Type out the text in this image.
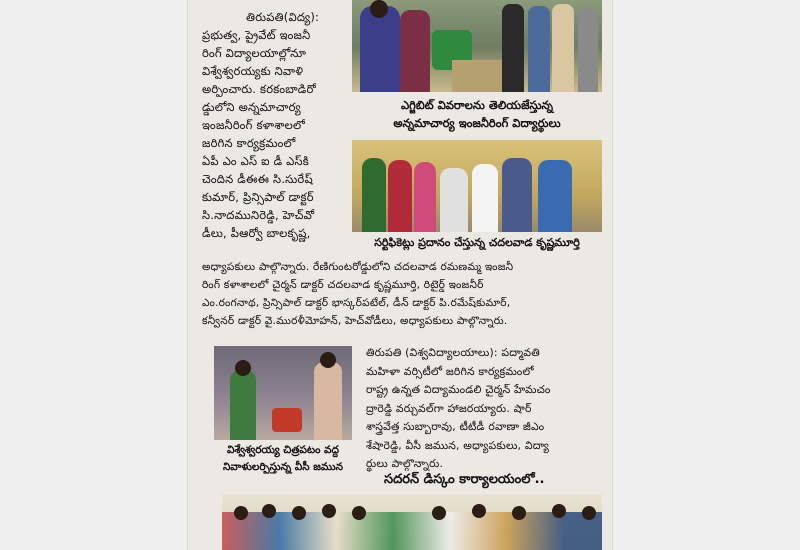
తిరుపతి(విద్య):
ప్రభుత్వ, ప్రైవేట్ ఇంజనీ
రింగ్ విద్యాలయాల్లోనూ
విశ్వేశ్వరయ్యకు నివాళి
అర్పించారు. కరకంబాడిరో
డ్డులోని అన్నమాచార్య
ఇంజనీరింగ్ కళాశాలలో
జరిగిన కార్యక్రమంలో
ఏపీ ఎం ఎస్ ఐ డీ ఎస్‌కి
చెందిన డీఈఈ సి.సురేష్
కుమార్, ప్రిన్సిపాల్ డాక్టర్
సి.నాదమునిరెడ్డి, హెచ్‌వో
డీలు, పీఆర్వో బాలకృష్ణ,
ఎగ్జిబిట్ వివరాలను తెలియజేస్తున్న
అన్నమాచార్య ఇంజనీరింగ్ విద్యార్థులు
సర్టిఫికెట్లు ప్రదానం చేస్తున్న చదలవాడ కృష్ణమూర్తి
అధ్యాపకులు పాల్గొన్నారు. రేణిగుంటరోడ్డులోని చదలవాడ రమణమ్మ ఇంజనీ
రింగ్ కళాశాలలో చైర్మన్ డాక్టర్ చదలవాడ కృష్ణమూర్తి, రిటైర్డ్ ఇంజనీర్
ఎం.రంగనాథ, ప్రిన్సిపాల్ డాక్టర్ భాస్కర్‌పటేల్, డీన్ డాక్టర్ పి.రమేష్‌కుమార్,
కన్వీనర్ డాక్టర్ వై.మురళీమోహన్, హెచ్‌వోడీలు, అధ్యాపకులు పాల్గొన్నారు.
విశ్వేశ్వరయ్య చిత్రపటం వద్ద
నివాళులర్పిస్తున్న వీసీ జమున
తిరుపతి (విశ్వవిద్యాలయాలు): పద్మావతి
మహిళా వర్సిటీలో జరిగిన కార్యక్రమంలో
రాష్ట్ర ఉన్నత విద్యామండలి చైర్మన్ హేమచం
ద్రారెడ్డి వర్చువల్‌గా హాజరయ్యారు. షార్
శాస్త్రవేత్త సుబ్బారావు, టీటీడీ రవాణా జీఎం
శేషారెడ్డి, వీసీ జమున, అధ్యాపకులు, విద్యా
ర్థులు పాల్గొన్నారు.
సదరన్ డిస్కం కార్యాలయంలో..
